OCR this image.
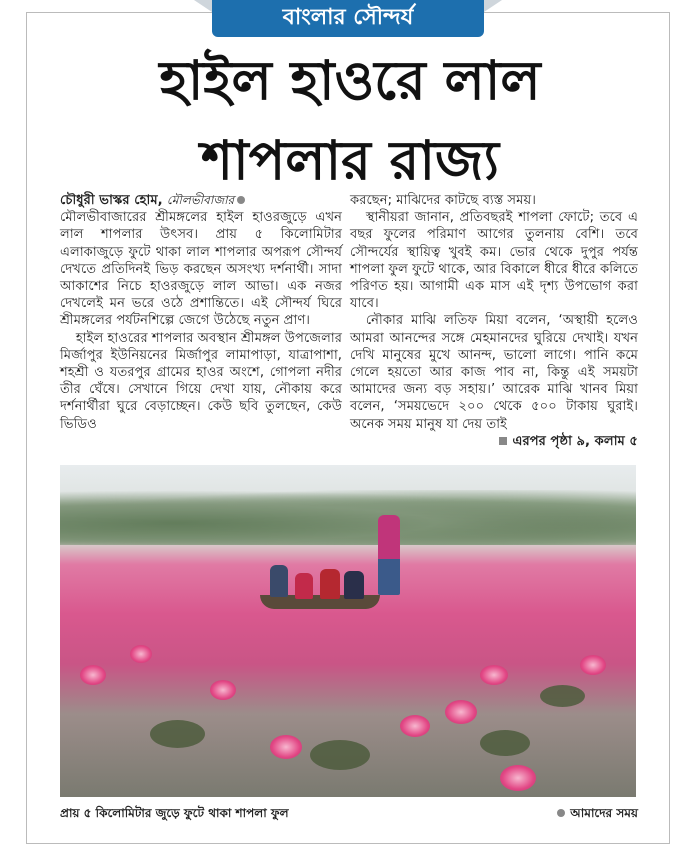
বাংলার সৌন্দর্য
হাইল হাওরে লাল
শাপলার রাজ্য

চৌধুরী ভাস্কর হোম, মৌলভীবাজার

মৌলভীবাজারের শ্রীমঙ্গলের হাইল হাওরজুড়ে এখন লাল শাপলার উৎসব। প্রায় ৫ কিলোমিটার এলাকাজুড়ে ফুটে থাকা লাল শাপলার অপরূপ সৌন্দর্য দেখতে প্রতিদিনই ভিড় করছেন অসংখ্য দর্শনার্থী। সাদা আকাশের নিচে হাওরজুড়ে লাল আভা। এক নজর দেখলেই মন ভরে ওঠে প্রশান্তিতে। এই সৌন্দর্য ঘিরে শ্রীমঙ্গলের পর্যটনশিল্পে জেগে উঠেছে নতুন প্রাণ।

হাইল হাওরের শাপলার অবস্থান শ্রীমঙ্গল উপজেলার মির্জাপুর ইউনিয়নের মির্জাপুর লামাপাড়া, যাত্রাপাশা, শহশ্রী ও যতরপুর গ্রামের হাওর অংশে, গোপলা নদীর তীর ঘেঁষে। সেখানে গিয়ে দেখা যায়, নৌকায় করে দর্শনার্থীরা ঘুরে বেড়াচ্ছেন। কেউ ছবি তুলছেন, কেউ ভিডিও

করছেন; মাঝিদের কাটছে ব্যস্ত সময়।

স্থানীয়রা জানান, প্রতিবছরই শাপলা ফোটে; তবে এ বছর ফুলের পরিমাণ আগের তুলনায় বেশি। তবে সৌন্দর্যের স্থায়িত্ব খুবই কম। ভোর থেকে দুপুর পর্যন্ত শাপলা ফুল ফুটে থাকে, আর বিকালে ধীরে ধীরে কলিতে পরিণত হয়। আগামী এক মাস এই দৃশ্য উপভোগ করা যাবে।

নৌকার মাঝি লতিফ মিয়া বলেন, ‘অস্থায়ী হলেও আমরা আনন্দের সঙ্গে মেহমানদের ঘুরিয়ে দেখাই। যখন দেখি মানুষের মুখে আনন্দ, ভালো লাগে। পানি কমে গেলে হয়তো আর কাজ পাব না, কিন্তু এই সময়টা আমাদের জন্য বড় সহায়।’ আরেক মাঝি খানব মিয়া বলেন, ‘সময়ভেদে ২০০ থেকে ৫০০ টাকায় ঘুরাই। অনেক সময় মানুষ যা দেয় তাই

এরপর পৃষ্ঠা ৯, কলাম ৫

প্রায় ৫ কিলোমিটার জুড়ে ফুটে থাকা শাপলা ফুল	আমাদের সময়
